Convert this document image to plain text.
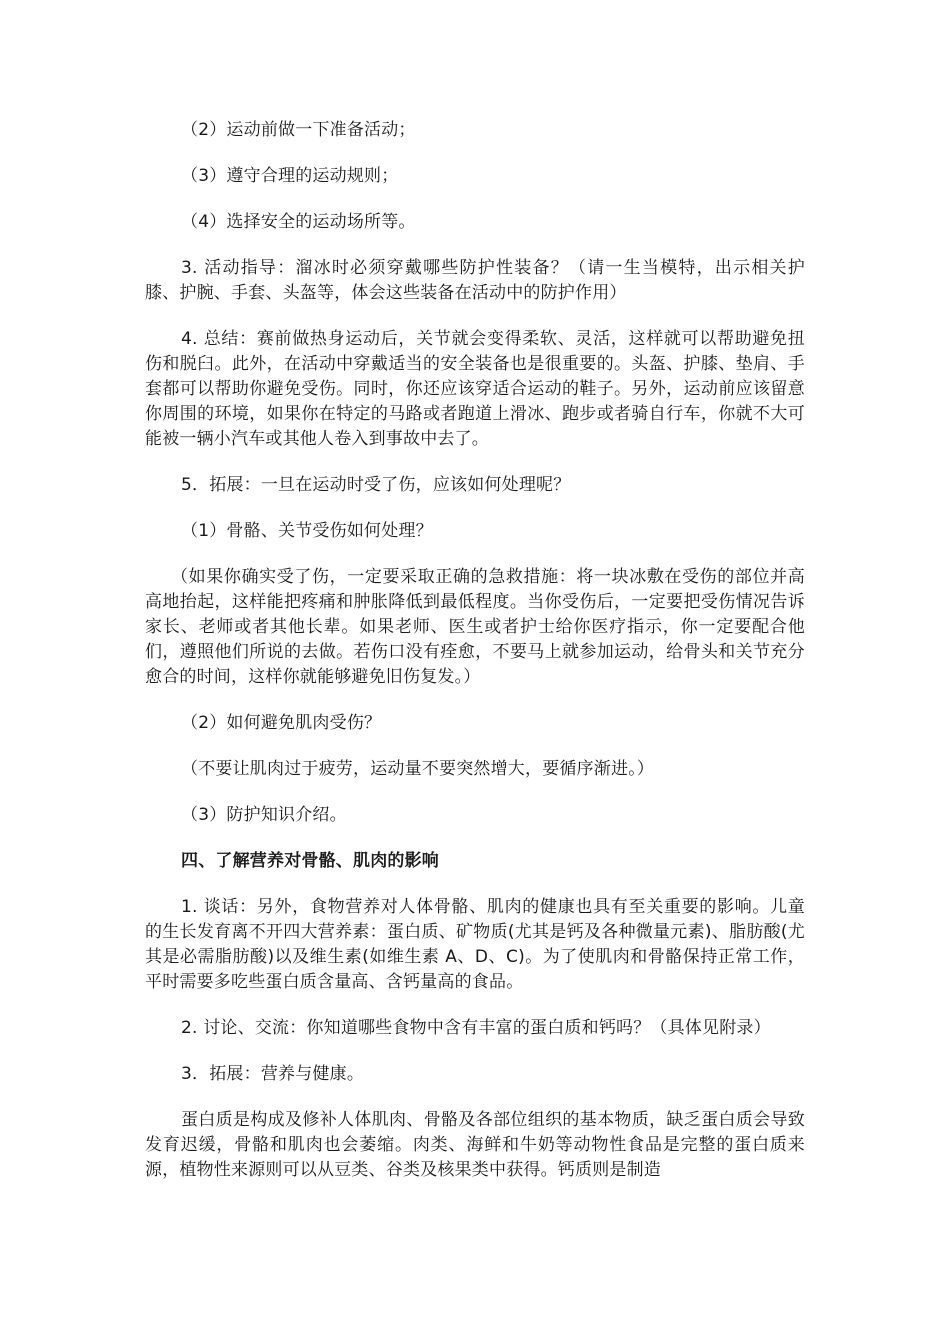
（2）运动前做一下准备活动；

（3）遵守合理的运动规则；

（4）选择安全的运动场所等。

3. 活动指导：溜冰时必须穿戴哪些防护性装备？（请一生当模特，出示相关护膝、护腕、手套、头盔等，体会这些装备在活动中的防护作用）

4. 总结：赛前做热身运动后，关节就会变得柔软、灵活，这样就可以帮助避免扭伤和脱臼。此外，在活动中穿戴适当的安全装备也是很重要的。头盔、护膝、垫肩、手套都可以帮助你避免受伤。同时，你还应该穿适合运动的鞋子。另外，运动前应该留意你周围的环境，如果你在特定的马路或者跑道上滑冰、跑步或者骑自行车，你就不大可能被一辆小汽车或其他人卷入到事故中去了。

5．拓展：一旦在运动时受了伤，应该如何处理呢？

（1）骨骼、关节受伤如何处理？

（如果你确实受了伤，一定要采取正确的急救措施：将一块冰敷在受伤的部位并高高地抬起，这样能把疼痛和肿胀降低到最低程度。当你受伤后，一定要把受伤情况告诉家长、老师或者其他长辈。如果老师、医生或者护士给你医疗指示，你一定要配合他们，遵照他们所说的去做。若伤口没有痊愈，不要马上就参加运动，给骨头和关节充分愈合的时间，这样你就能够避免旧伤复发。）

（2）如何避免肌肉受伤？

（不要让肌肉过于疲劳，运动量不要突然增大，要循序渐进。）

（3）防护知识介绍。

四、了解营养对骨骼、肌肉的影响

1. 谈话：另外，食物营养对人体骨骼、肌肉的健康也具有至关重要的影响。儿童的生长发育离不开四大营养素：蛋白质、矿物质(尤其是钙及各种微量元素)、脂肪酸(尤其是必需脂肪酸)以及维生素(如维生素 A、D、C)。为了使肌肉和骨骼保持正常工作，平时需要多吃些蛋白质含量高、含钙量高的食品。

2. 讨论、交流：你知道哪些食物中含有丰富的蛋白质和钙吗？（具体见附录）

3．拓展：营养与健康。

蛋白质是构成及修补人体肌肉、骨骼及各部位组织的基本物质，缺乏蛋白质会导致发育迟缓，骨骼和肌肉也会萎缩。肉类、海鲜和牛奶等动物性食品是完整的蛋白质来源，植物性来源则可以从豆类、谷类及核果类中获得。钙质则是制造
